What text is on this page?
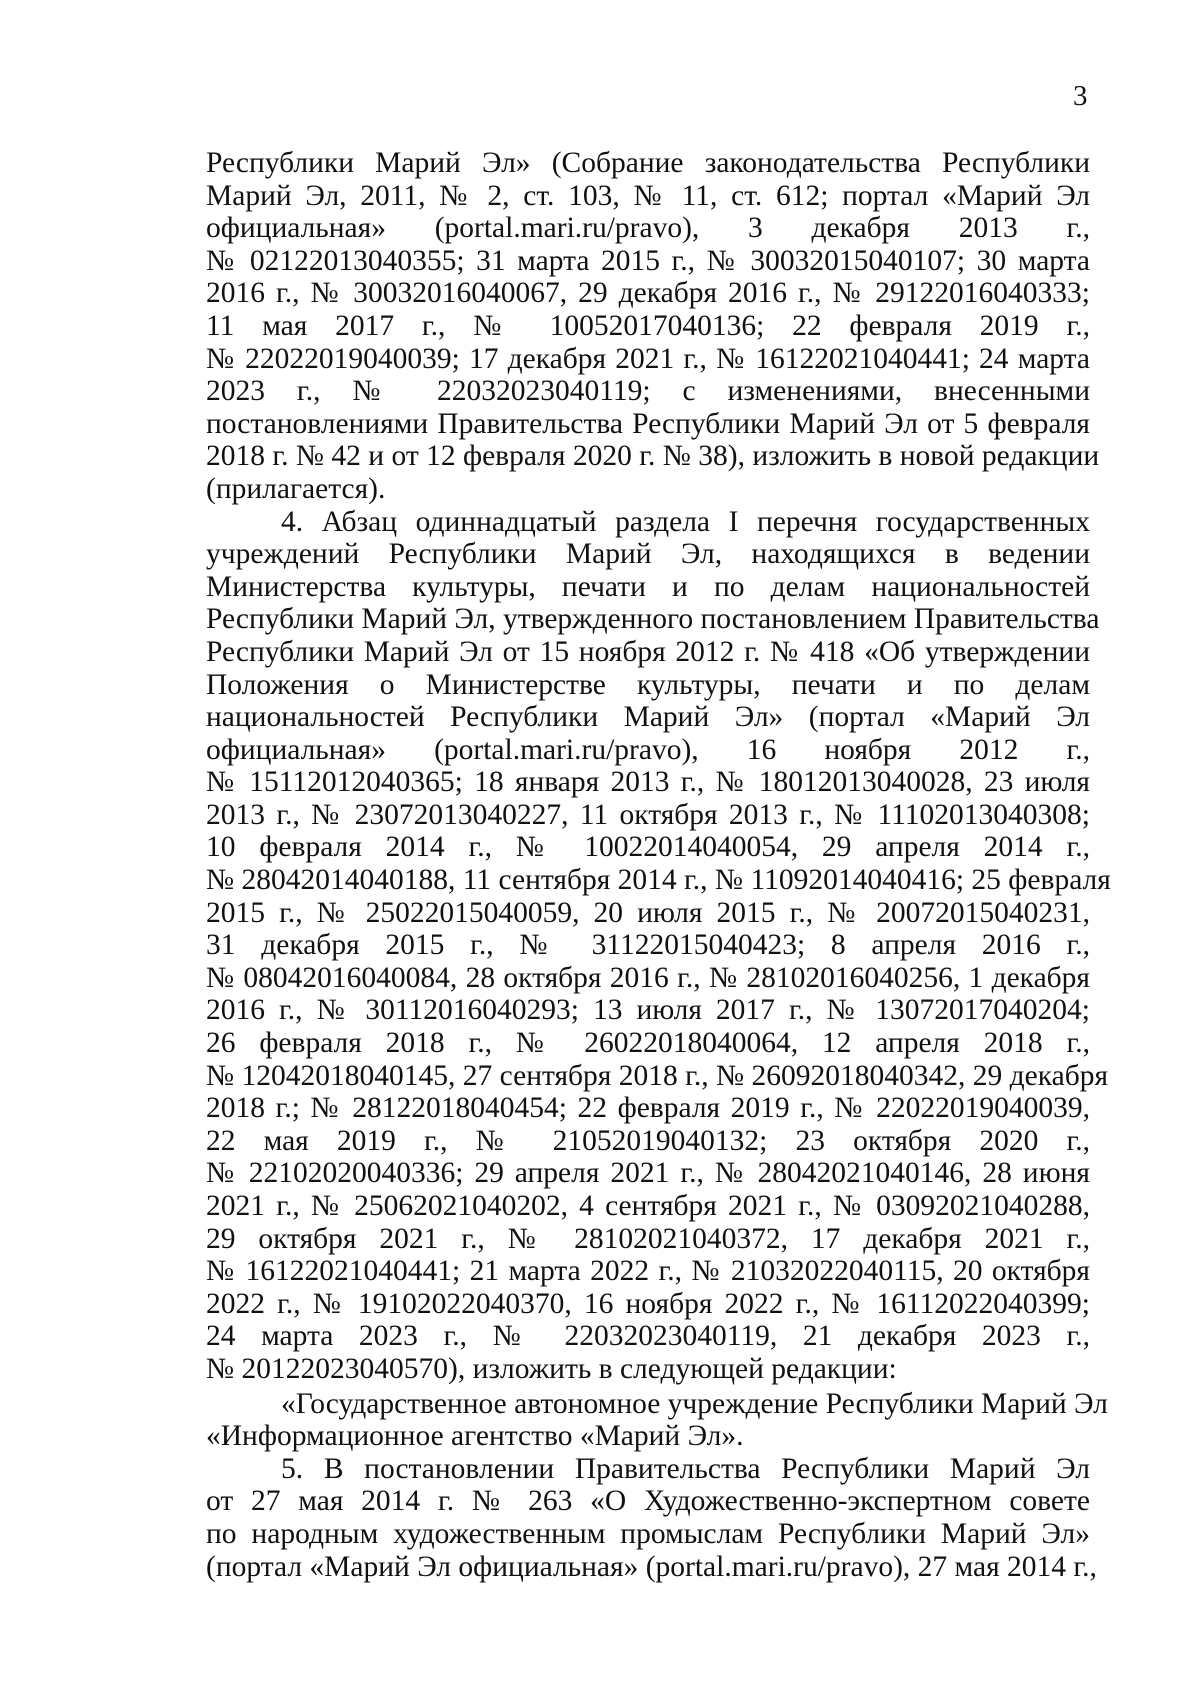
3
Республики Марий Эл» (Собрание законодательства Республики
Марий Эл, 2011, № 2, ст. 103, № 11, ст. 612; портал «Марий Эл
официальная» (portal.mari.ru/pravo), 3 декабря 2013 г.,
№ 02122013040355; 31 марта 2015 г., № 30032015040107; 30 марта
2016 г., № 30032016040067, 29 декабря 2016 г., № 29122016040333;
11 мая 2017 г., № 10052017040136; 22 февраля 2019 г.,
№ 22022019040039; 17 декабря 2021 г., № 16122021040441; 24 марта
2023 г., № 22032023040119; с изменениями, внесенными
постановлениями Правительства Республики Марий Эл от 5 февраля
2018 г. № 42 и от 12 февраля 2020 г. № 38), изложить в новой редакции
(прилагается).
4. Абзац одиннадцатый раздела I перечня государственных
учреждений Республики Марий Эл, находящихся в ведении
Министерства культуры, печати и по делам национальностей
Республики Марий Эл, утвержденного постановлением Правительства
Республики Марий Эл от 15 ноября 2012 г. № 418 «Об утверждении
Положения о Министерстве культуры, печати и по делам
национальностей Республики Марий Эл» (портал «Марий Эл
официальная» (portal.mari.ru/pravo), 16 ноября 2012 г.,
№ 15112012040365; 18 января 2013 г., № 18012013040028, 23 июля
2013 г., № 23072013040227, 11 октября 2013 г., № 11102013040308;
10 февраля 2014 г., № 10022014040054, 29 апреля 2014 г.,
№ 28042014040188, 11 сентября 2014 г., № 11092014040416; 25 февраля
2015 г., № 25022015040059, 20 июля 2015 г., № 20072015040231,
31 декабря 2015 г., № 31122015040423; 8 апреля 2016 г.,
№ 08042016040084, 28 октября 2016 г., № 28102016040256, 1 декабря
2016 г., № 30112016040293; 13 июля 2017 г., № 13072017040204;
26 февраля 2018 г., № 26022018040064, 12 апреля 2018 г.,
№ 12042018040145, 27 сентября 2018 г., № 26092018040342, 29 декабря
2018 г.; № 28122018040454; 22 февраля 2019 г., № 22022019040039,
22 мая 2019 г., № 21052019040132; 23 октября 2020 г.,
№ 22102020040336; 29 апреля 2021 г., № 28042021040146, 28 июня
2021 г., № 25062021040202, 4 сентября 2021 г., № 03092021040288,
29 октября 2021 г., № 28102021040372, 17 декабря 2021 г.,
№ 16122021040441; 21 марта 2022 г., № 21032022040115, 20 октября
2022 г., № 19102022040370, 16 ноября 2022 г., № 16112022040399;
24 марта 2023 г., № 22032023040119, 21 декабря 2023 г.,
№ 20122023040570), изложить в следующей редакции:
«Государственное автономное учреждение Республики Марий Эл
«Информационное агентство «Марий Эл».
5. В постановлении Правительства Республики Марий Эл
от 27 мая 2014 г. № 263 «О Художественно-экспертном совете
по народным художественным промыслам Республики Марий Эл»
(портал «Марий Эл официальная» (portal.mari.ru/pravo), 27 мая 2014 г.,
